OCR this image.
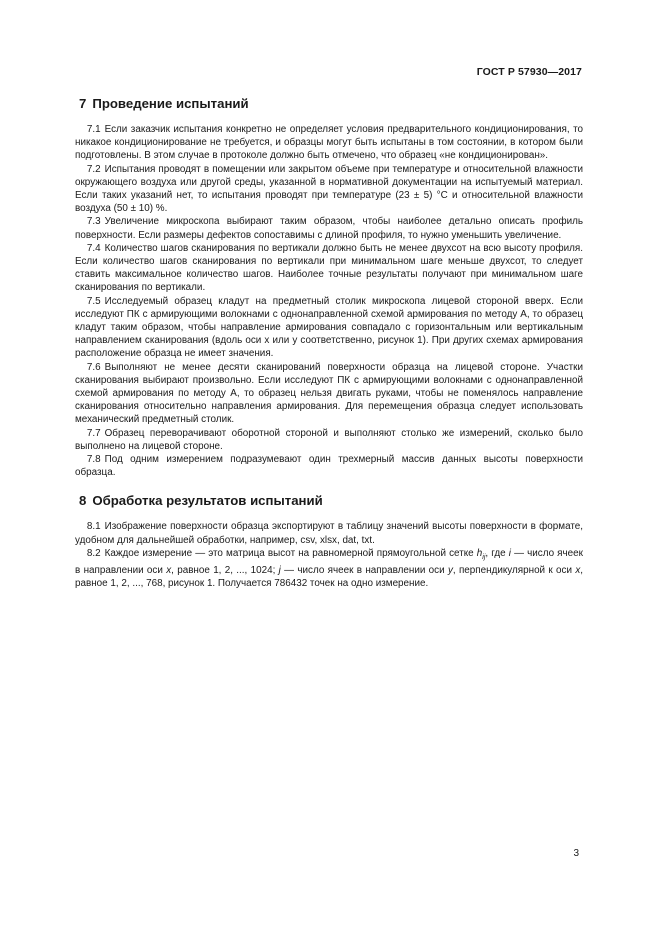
ГОСТ Р 57930—2017
7 Проведение испытаний

 7.1 Если заказчик испытания конкретно не определяет условия предварительного кондиционирования, то никакое кондиционирование не требуется, и образцы могут быть испытаны в том состоянии, в котором были подготовлены. В этом случае в протоколе должно быть отмечено, что образец «не кондиционирован».

 7.2 Испытания проводят в помещении или закрытом объеме при температуре и относительной влажности окружающего воздуха или другой среды, указанной в нормативной документации на испытуемый материал. Если таких указаний нет, то испытания проводят при температуре (23 ± 5) °С и относительной влажности воздуха (50 ± 10) %.

 7.3 Увеличение микроскопа выбирают таким образом, чтобы наиболее детально описать профиль поверхности. Если размеры дефектов сопоставимы с длиной профиля, то нужно уменьшить увеличение.

 7.4 Количество шагов сканирования по вертикали должно быть не менее двухсот на всю высоту профиля. Если количество шагов сканирования по вертикали при минимальном шаге меньше двухсот, то следует ставить максимальное количество шагов. Наиболее точные результаты получают при минимальном шаге сканирования по вертикали.

 7.5 Исследуемый образец кладут на предметный столик микроскопа лицевой стороной вверх. Если исследуют ПК с армирующими волокнами с однонаправленной схемой армирования по методу А, то образец кладут таким образом, чтобы направление армирования совпадало с горизонтальным или вертикальным направлением сканирования (вдоль оси x или y соответственно, рисунок 1). При других схемах армирования расположение образца не имеет значения.

 7.6 Выполняют не менее десяти сканирований поверхности образца на лицевой стороне. Участки сканирования выбирают произвольно. Если исследуют ПК с армирующими волокнами с однонаправленной схемой армирования по методу А, то образец нельзя двигать руками, чтобы не поменялось направление сканирования относительно направления армирования. Для перемещения образца следует использовать механический предметный столик.

 7.7 Образец переворачивают оборотной стороной и выполняют столько же измерений, сколько было выполнено на лицевой стороне.

 7.8 Под одним измерением подразумевают один трехмерный массив данных высоты поверхности образца.

8 Обработка результатов испытаний

 8.1 Изображение поверхности образца экспортируют в таблицу значений высоты поверхности в формате, удобном для дальнейшей обработки, например, csv, xlsx, dat, txt.

 8.2 Каждое измерение — это матрица высот на равномерной прямоугольной сетке $h_{ij}$, где i — число ячеек в направлении оси x, равное 1, 2, ..., 1024; j — число ячеек в направлении оси y, перпендикулярной к оси x, равное 1, 2, ..., 768, рисунок 1. Получается 786432 точек на одно измерение.

3
